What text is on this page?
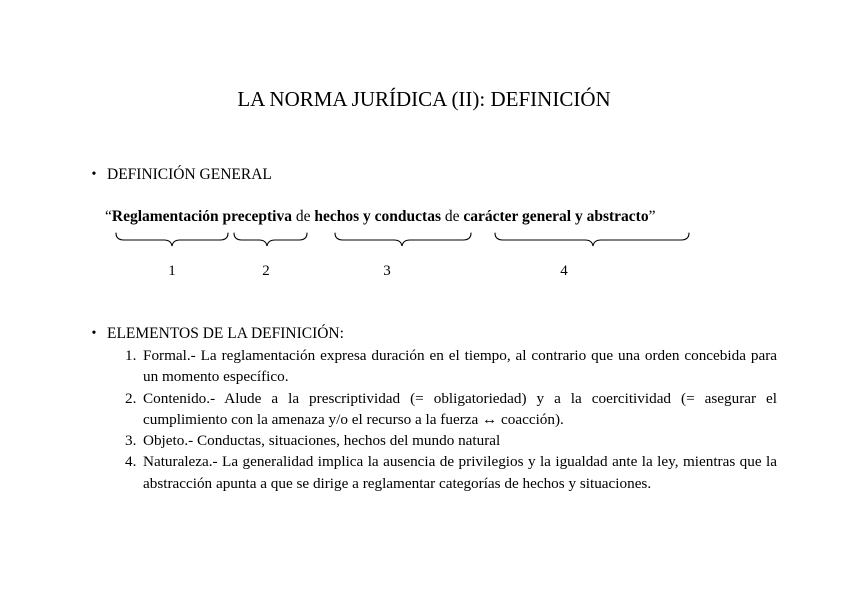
LA NORMA JURÍDICA (II): DEFINICIÓN
• DEFINICIÓN GENERAL
“Reglamentación preceptiva de hechos y conductas de carácter general y abstracto”
1	2	3	4
• ELEMENTOS DE LA DEFINICIÓN:
1. Formal.- La reglamentación expresa duración en el tiempo, al contrario que una orden concebida para un momento específico.
2. Contenido.- Alude a la prescriptividad (= obligatoriedad) y a la coercitividad (= asegurar el cumplimiento con la amenaza y/o el recurso a la fuerza ↔ coacción).
3. Objeto.- Conductas, situaciones, hechos del mundo natural
4. Naturaleza.- La generalidad implica la ausencia de privilegios y la igualdad ante la ley, mientras que la abstracción apunta a que se dirige a reglamentar categorías de hechos y situaciones.
